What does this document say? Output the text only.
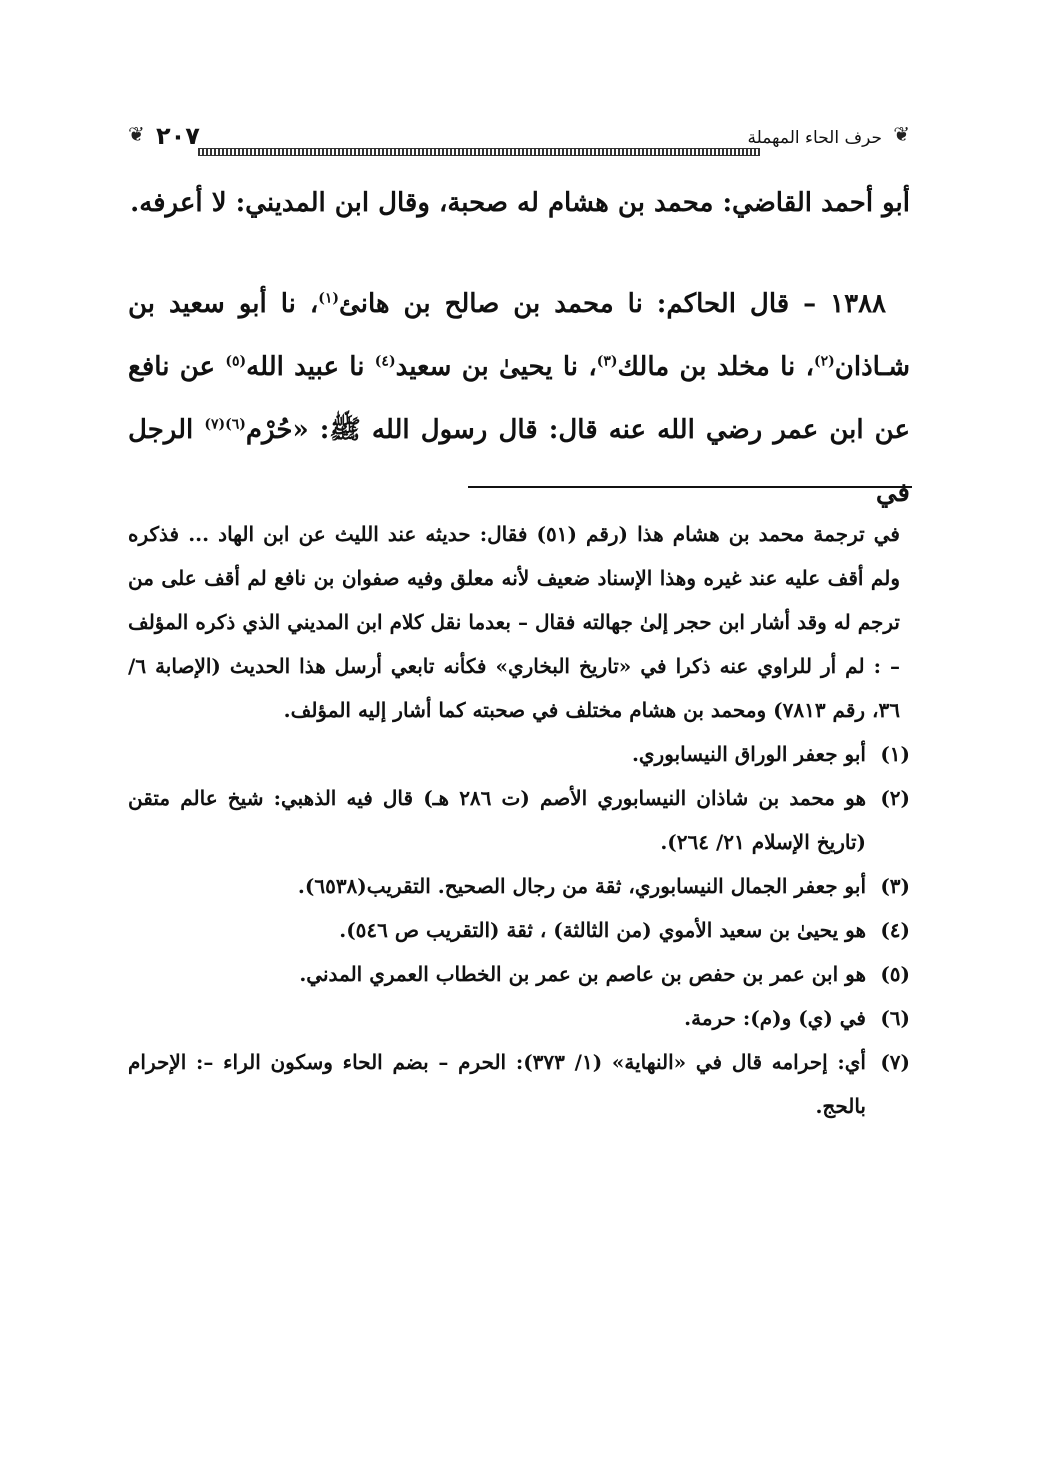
❦
حرف الحاء المهملة
٢٠٧
❦

أبو أحمد القاضي: محمد بن هشام له صحبة، وقال ابن المديني: لا أعرفه.

١٣٨٨ – قال الحاكم: نا محمد بن صالح بن هانئ$^{(١)}$، نا أبو سعيد بن شـاذان$^{(٢)}$، نا مخلد بن مالك$^{(٣)}$، نا يحيىٰ بن سعيد$^{(٤)}$ نا عبيد الله$^{(٥)}$ عن نافع عن ابن عمر رضي الله عنه قال: قال رسول الله ﷺ: «حُرْم$^{(٦)(٧)}$ الرجل في

في ترجمة محمد بن هشام هذا (رقم (٥١) فقال: حديثه عند الليث عن ابن الهاد ... فذكره ولم أقف عليه عند غيره وهذا الإسناد ضعيف لأنه معلق وفيه صفوان بن نافع لم أقف على من ترجم له وقد أشار ابن حجر إلىٰ جهالته فقال – بعدما نقل كلام ابن المديني الذي ذكره المؤلف – : لم أر للراوي عنه ذكرا في «تاريخ البخاري» فكأنه تابعي أرسل هذا الحديث (الإصابة ٦/ ٣٦، رقم ٧٨١٣) ومحمد بن هشام مختلف في صحبته كما أشار إليه المؤلف.

(١)
أبو جعفر الوراق النيسابوري.
(٢)
هو محمد بن شاذان النيسابوري الأصم (ت ٢٨٦ هـ) قال فيه الذهبي: شيخ عالم متقن (تاريخ الإسلام ٢١/ ٢٦٤).
(٣)
أبو جعفر الجمال النيسابوري، ثقة من رجال الصحيح. التقريب(٦٥٣٨).
(٤)
هو يحيىٰ بن سعيد الأموي (من الثالثة) ، ثقة (التقريب ص ٥٤٦).
(٥)
هو ابن عمر بن حفص بن عاصم بن عمر بن الخطاب العمري المدني.
(٦)
في (ي) و(م): حرمة.
(٧)
أي: إحرامه قال في «النهاية» (١/ ٣٧٣): الحرم – بضم الحاء وسكون الراء –: الإحرام بالحج.
